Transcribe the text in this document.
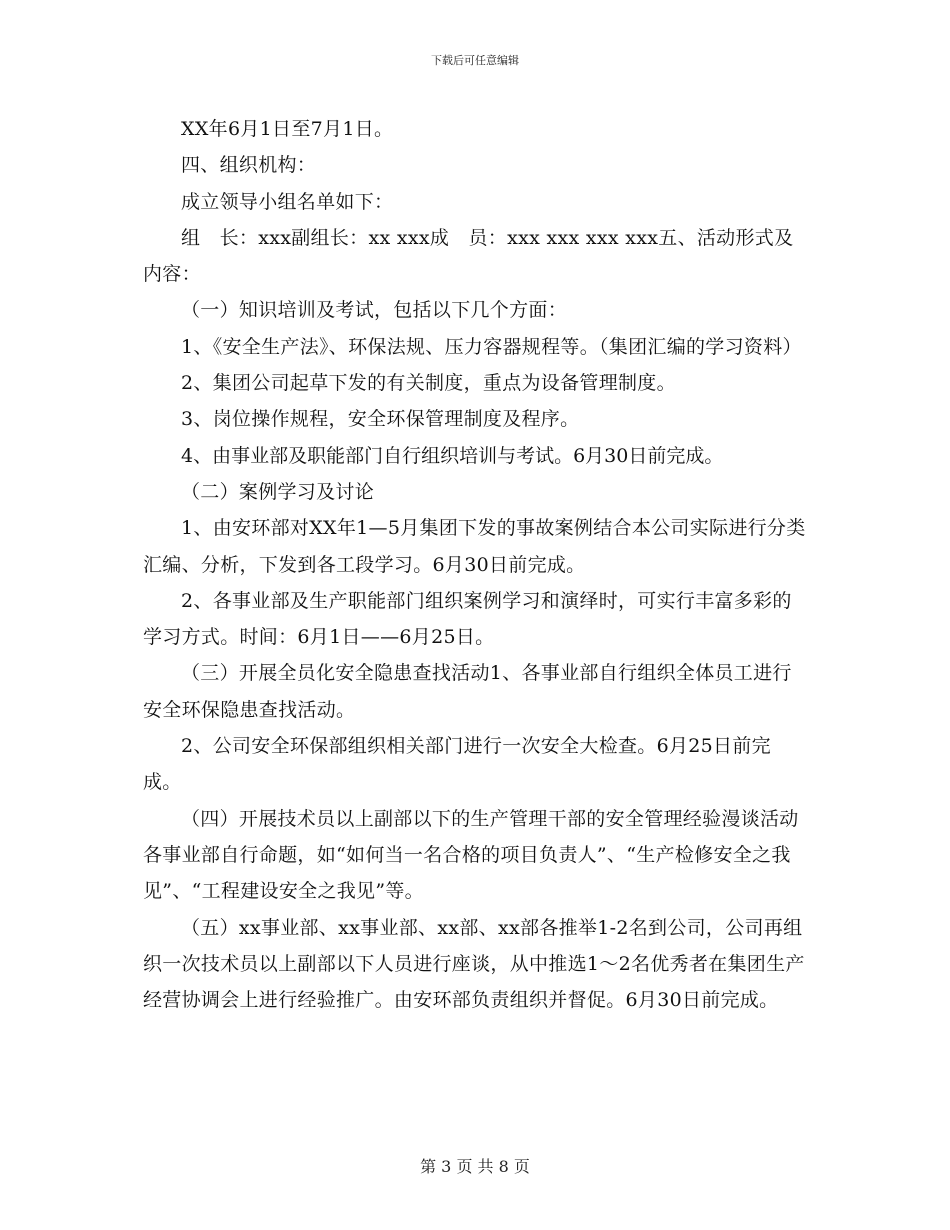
下载后可任意编辑

XX年6月1日至7月1日。

四、组织机构：

成立领导小组名单如下：

组　长：xxx副组长：xx xxx成　员：xxx xxx xxx xxx五、活动形式及内容：

（一）知识培训及考试，包括以下几个方面：

1、《安全生产法》、环保法规、压力容器规程等。（集团汇编的学习资料）

2、集团公司起草下发的有关制度，重点为设备管理制度。

3、岗位操作规程，安全环保管理制度及程序。

4、由事业部及职能部门自行组织培训与考试。6月30日前完成。

（二）案例学习及讨论

1、由安环部对XX年1—5月集团下发的事故案例结合本公司实际进行分类汇编、分析，下发到各工段学习。6月30日前完成。

2、各事业部及生产职能部门组织案例学习和演绎时，可实行丰富多彩的学习方式。时间：6月1日——6月25日。

（三）开展全员化安全隐患查找活动1、各事业部自行组织全体员工进行安全环保隐患查找活动。

2、公司安全环保部组织相关部门进行一次安全大检查。6月25日前完成。

（四）开展技术员以上副部以下的生产管理干部的安全管理经验漫谈活动各事业部自行命题，如“如何当一名合格的项目负责人”、“生产检修安全之我见”、“工程建设安全之我见”等。

（五）xx事业部、xx事业部、xx部、xx部各推举1-2名到公司，公司再组织一次技术员以上副部以下人员进行座谈，从中推选1～2名优秀者在集团生产经营协调会上进行经验推广。由安环部负责组织并督促。6月30日前完成。

第 3 页 共 8 页
